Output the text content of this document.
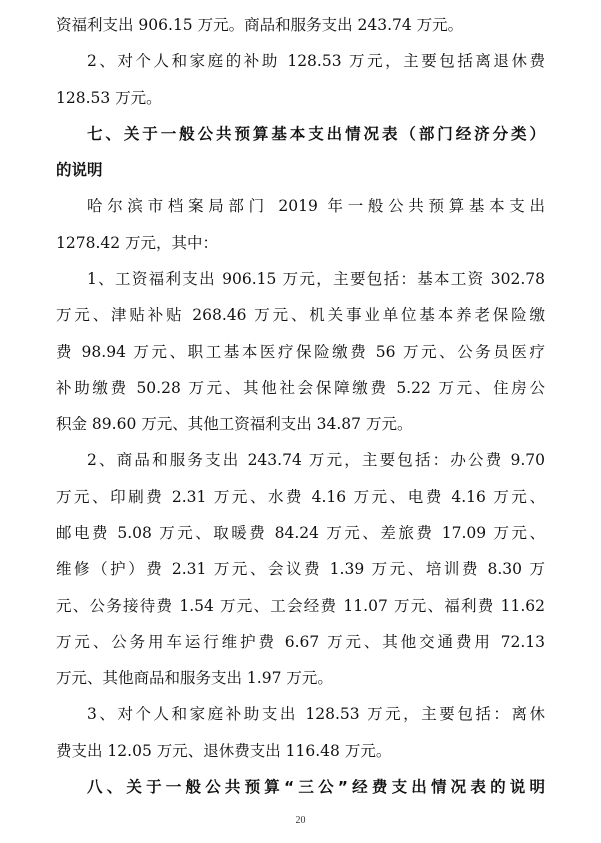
资福利支出 906.15 万元。商品和服务支出 243.74 万元。
2、对个人和家庭的补助 128.53 万元，主要包括离退休费
128.53 万元。
七、关于一般公共预算基本支出情况表（部门经济分类）
的说明
哈尔滨市档案局部门 2019 年一般公共预算基本支出
1278.42 万元，其中：
1、工资福利支出 906.15 万元，主要包括：基本工资 302.78
万元、津贴补贴 268.46 万元、机关事业单位基本养老保险缴
费 98.94 万元、职工基本医疗保险缴费 56 万元、公务员医疗
补助缴费 50.28 万元、其他社会保障缴费 5.22 万元、住房公
积金 89.60 万元、其他工资福利支出 34.87 万元。
2、商品和服务支出 243.74 万元，主要包括：办公费 9.70
万元、印刷费 2.31 万元、水费 4.16 万元、电费 4.16 万元、
邮电费 5.08 万元、取暖费 84.24 万元、差旅费 17.09 万元、
维修（护）费 2.31 万元、会议费 1.39 万元、培训费 8.30 万
元、公务接待费 1.54 万元、工会经费 11.07 万元、福利费 11.62
万元、公务用车运行维护费 6.67 万元、其他交通费用 72.13
万元、其他商品和服务支出 1.97 万元。
3、对个人和家庭补助支出 128.53 万元，主要包括：离休
费支出 12.05 万元、退休费支出 116.48 万元。
八、关于一般公共预算“三公”经费支出情况表的说明
20
